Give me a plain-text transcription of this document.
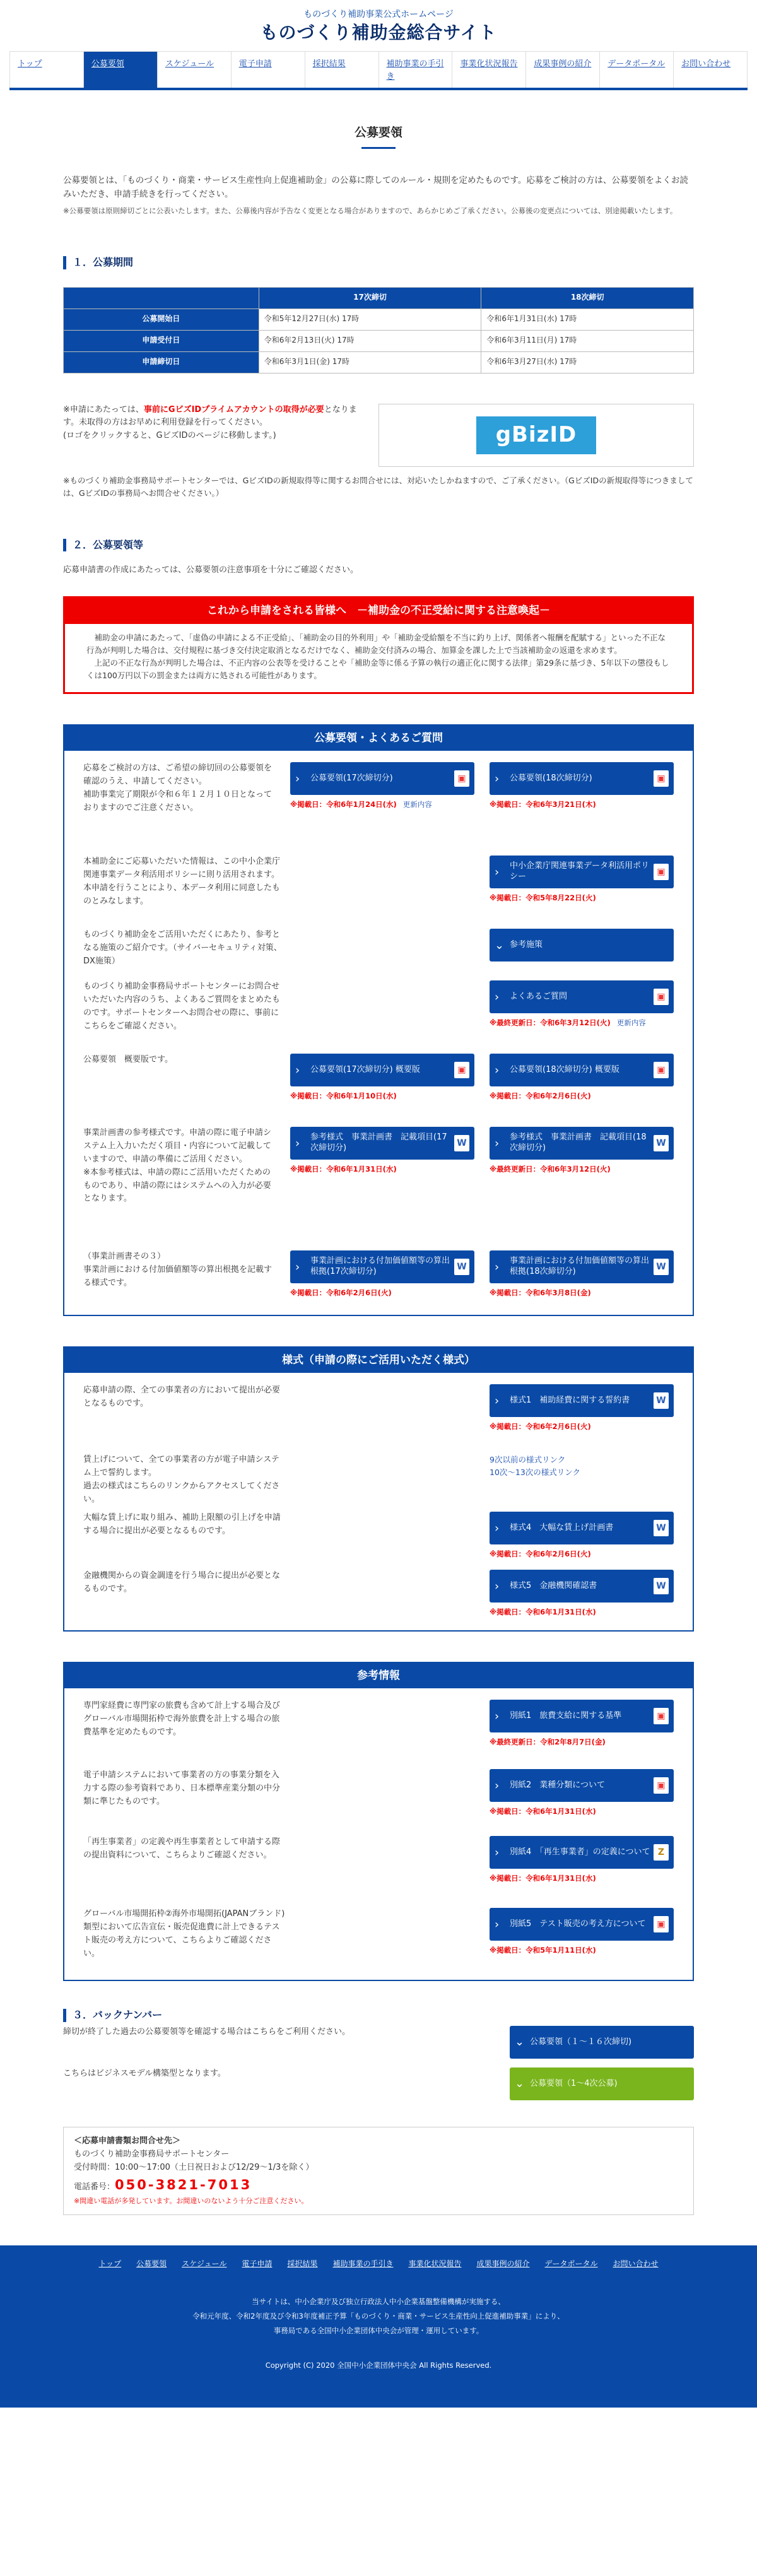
ものづくり補助事業公式ホームページ
ものづくり補助金総合サイト
トップ	公募要領	スケジュール	電子申請	採択結果	補助事業の手引き
事業化状況報告	成果事例の紹介	データポータル	お問い合わせ
公募要領

公募要領とは、「ものづくり・商業・サービス生産性向上促進補助金」の公募に際してのルール・規則を定めたものです。応募をご検討の方は、公募要領をよくお読みいただき、申請手続きを行ってください。

※公募要領は原則締切ごとに公表いたします。また、公募後内容が予告なく変更となる場合がありますので、あらかじめご了承ください。公募後の変更点については、別途掲載いたします。

１．公募期間
	17次締切	18次締切
公募開始日	令和5年12月27日(水) 17時	令和6年1月31日(水) 17時
申請受付日	令和6年2月13日(火) 17時	令和6年3月11日(月) 17時
申請締切日	令和6年3月1日(金) 17時	令和6年3月27日(水) 17時

※申請にあたっては、事前にGビズIDプライムアカウントの取得が必要となります。未取得の方はお早めに利用登録を行ってください。

(ロゴをクリックすると、GビズIDのページに移動します。)	gBizID

※ものづくり補助金事務局サポートセンターでは、GビズIDの新規取得等に関するお問合せには、対応いたしかねますので、ご了承ください。（GビズIDの新規取得等につきましては、GビズIDの事務局へお問合せください。）

２．公募要領等

応募申請書の作成にあたっては、公募要領の注意事項を十分にご確認ください。

これから申請をされる皆様へ　－補助金の不正受給に関する注意喚起－

補助金の申請にあたって、「虚偽の申請による不正受給」、「補助金の目的外利用」や「補助金受給額を不当に釣り上げ、関係者へ報酬を配賦する」といった不正な行為が判明した場合は、交付規程に基づき交付決定取消となるだけでなく、補助金交付済みの場合、加算金を課した上で当該補助金の返還を求めます。

上記の不正な行為が判明した場合は、不正内容の公表等を受けることや「補助金等に係る予算の執行の適正化に関する法律」第29条に基づき、5年以下の懲役もしくは100万円以下の罰金または両方に処される可能性があります。

公募要領・よくあるご質問
応募をご検討の方は、ご希望の締切回の公募要領を確認のうえ、申請してください。
補助事業完了期限が令和６年１２月１０日となっておりますのでご注意ください。
›	公募要領(17次締切分)	▣
※掲載日：令和6年1月24日(水) 更新内容
›	公募要領(18次締切分)	▣
※掲載日：令和6年3月21日(木)
本補助金にご応募いただいた情報は、この中小企業庁関連事業データ利活用ポリシーに則り活用されます。
本申請を行うことにより、本データ利用に同意したものとみなします。
›	中小企業庁関連事業データ利活用ポリシー	▣
※掲載日：令和5年8月22日(火)
ものづくり補助金をご活用いただくにあたり、参考となる施策のご紹介です。（サイバーセキュリティ対策、DX施策）
⌄ 参考施策
ものづくり補助金事務局サポートセンターにお問合せいただいた内容のうち、よくあるご質問をまとめたものです。サポートセンターへお問合せの際に、事前にこちらをご確認ください。
›	よくあるご質問	▣
※最終更新日：令和6年3月12日(火) 更新内容
公募要領　概要版です。
›	公募要領(17次締切分) 概要版	▣
※掲載日：令和6年1月10日(水)
›	公募要領(18次締切分) 概要版	▣
※掲載日：令和6年2月6日(火)
事業計画書の参考様式です。申請の際に電子申請システム上入力いただく項目・内容について記載していますので、申請の準備にご活用ください。
※本参考様式は、申請の際にご活用いただくためのものであり、申請の際にはシステムへの入力が必要となります。
›	参考様式　事業計画書　記載項目(17次締切分)	W
※掲載日：令和6年1月31日(水)
›	参考様式　事業計画書　記載項目(18次締切分)	W
※最終更新日：令和6年3月12日(火)
（事業計画書その３）
事業計画における付加価値額等の算出根拠を記載する様式です。
›	事業計画における付加価値額等の算出根拠(17次締切分)	W
※掲載日：令和6年2月6日(火)
›	事業計画における付加価値額等の算出根拠(18次締切分)	W
※掲載日：令和6年3月8日(金)
様式（申請の際にご活用いただく様式）
応募申請の際、全ての事業者の方において提出が必要となるものです。	›	様式1　補助経費に関する誓約書	W
※掲載日：令和6年2月6日(火)
賃上げについて、全ての事業者の方が電子申請システム上で誓約します。
過去の様式はこちらのリンクからアクセスしてください。
9次以前の様式リンク
10次～13次の様式リンク
大幅な賃上げに取り組み、補助上限額の引上げを申請する場合に提出が必要となるものです。	›	様式4　大幅な賃上げ計画書	W
※掲載日：令和6年2月6日(火)
金融機関からの資金調達を行う場合に提出が必要となるものです。	›	様式5　金融機関確認書	W
※掲載日：令和6年1月31日(水)
参考情報
専門家経費に専門家の旅費も含めて計上する場合及びグローバル市場開拓枠で海外旅費を計上する場合の旅費基準を定めたものです。
›	別紙1　旅費支給に関する基準	▣
※最終更新日：令和2年8月7日(金)
電子申請システムにおいて事業者の方の事業分類を入力する際の参考資料であり、日本標準産業分類の中分類に準じたものです。
›	別紙2　業種分類について	▣
※掲載日：令和6年1月31日(水)
「再生事業者」の定義や再生事業者として申請する際の提出資料について、こちらよりご確認ください。	›	別紙4　「再生事業者」の定義について Z
※掲載日：令和6年1月31日(水)
グローバル市場開拓枠②海外市場開拓(JAPANブランド)類型において広告宣伝・販売促進費に計上できるテスト販売の考え方について、こちらよりご確認ください。
›	別紙5　テスト販売の考え方について	▣
※掲載日：令和5年1月11日(水)
３．バックナンバー
締切が終了した過去の公募要領等を確認する場合はこちらをご利用ください。
⌄ 公募要領（１～１６次締切)
こちらはビジネスモデル構築型となります。
⌄ 公募要領（1～4次公募)

＜応募申請書類お問合せ先＞

ものづくり補助金事務局サポートセンター

受付時間：10:00～17:00（土日祝日および12/29～1/3を除く）

電話番号：050-3821-7013

※間違い電話が多発しています。お間違いのないよう十分ご注意ください。

トップ	公募要領	スケジュール	電子申請	採択結果	補助事業の手引き	事業化状況報告	成果事例の紹介	データポータル	お問い合わせ

当サイトは、中小企業庁及び独立行政法人中小企業基盤整備機構が実施する、

令和元年度、令和2年度及び令和3年度補正予算「ものづくり・商業・サービス生産性向上促進補助事業」により、

事務局である全国中小企業団体中央会が管理・運用しています。

Copyright (C) 2020 全国中小企業団体中央会 All Rights Reserved.
